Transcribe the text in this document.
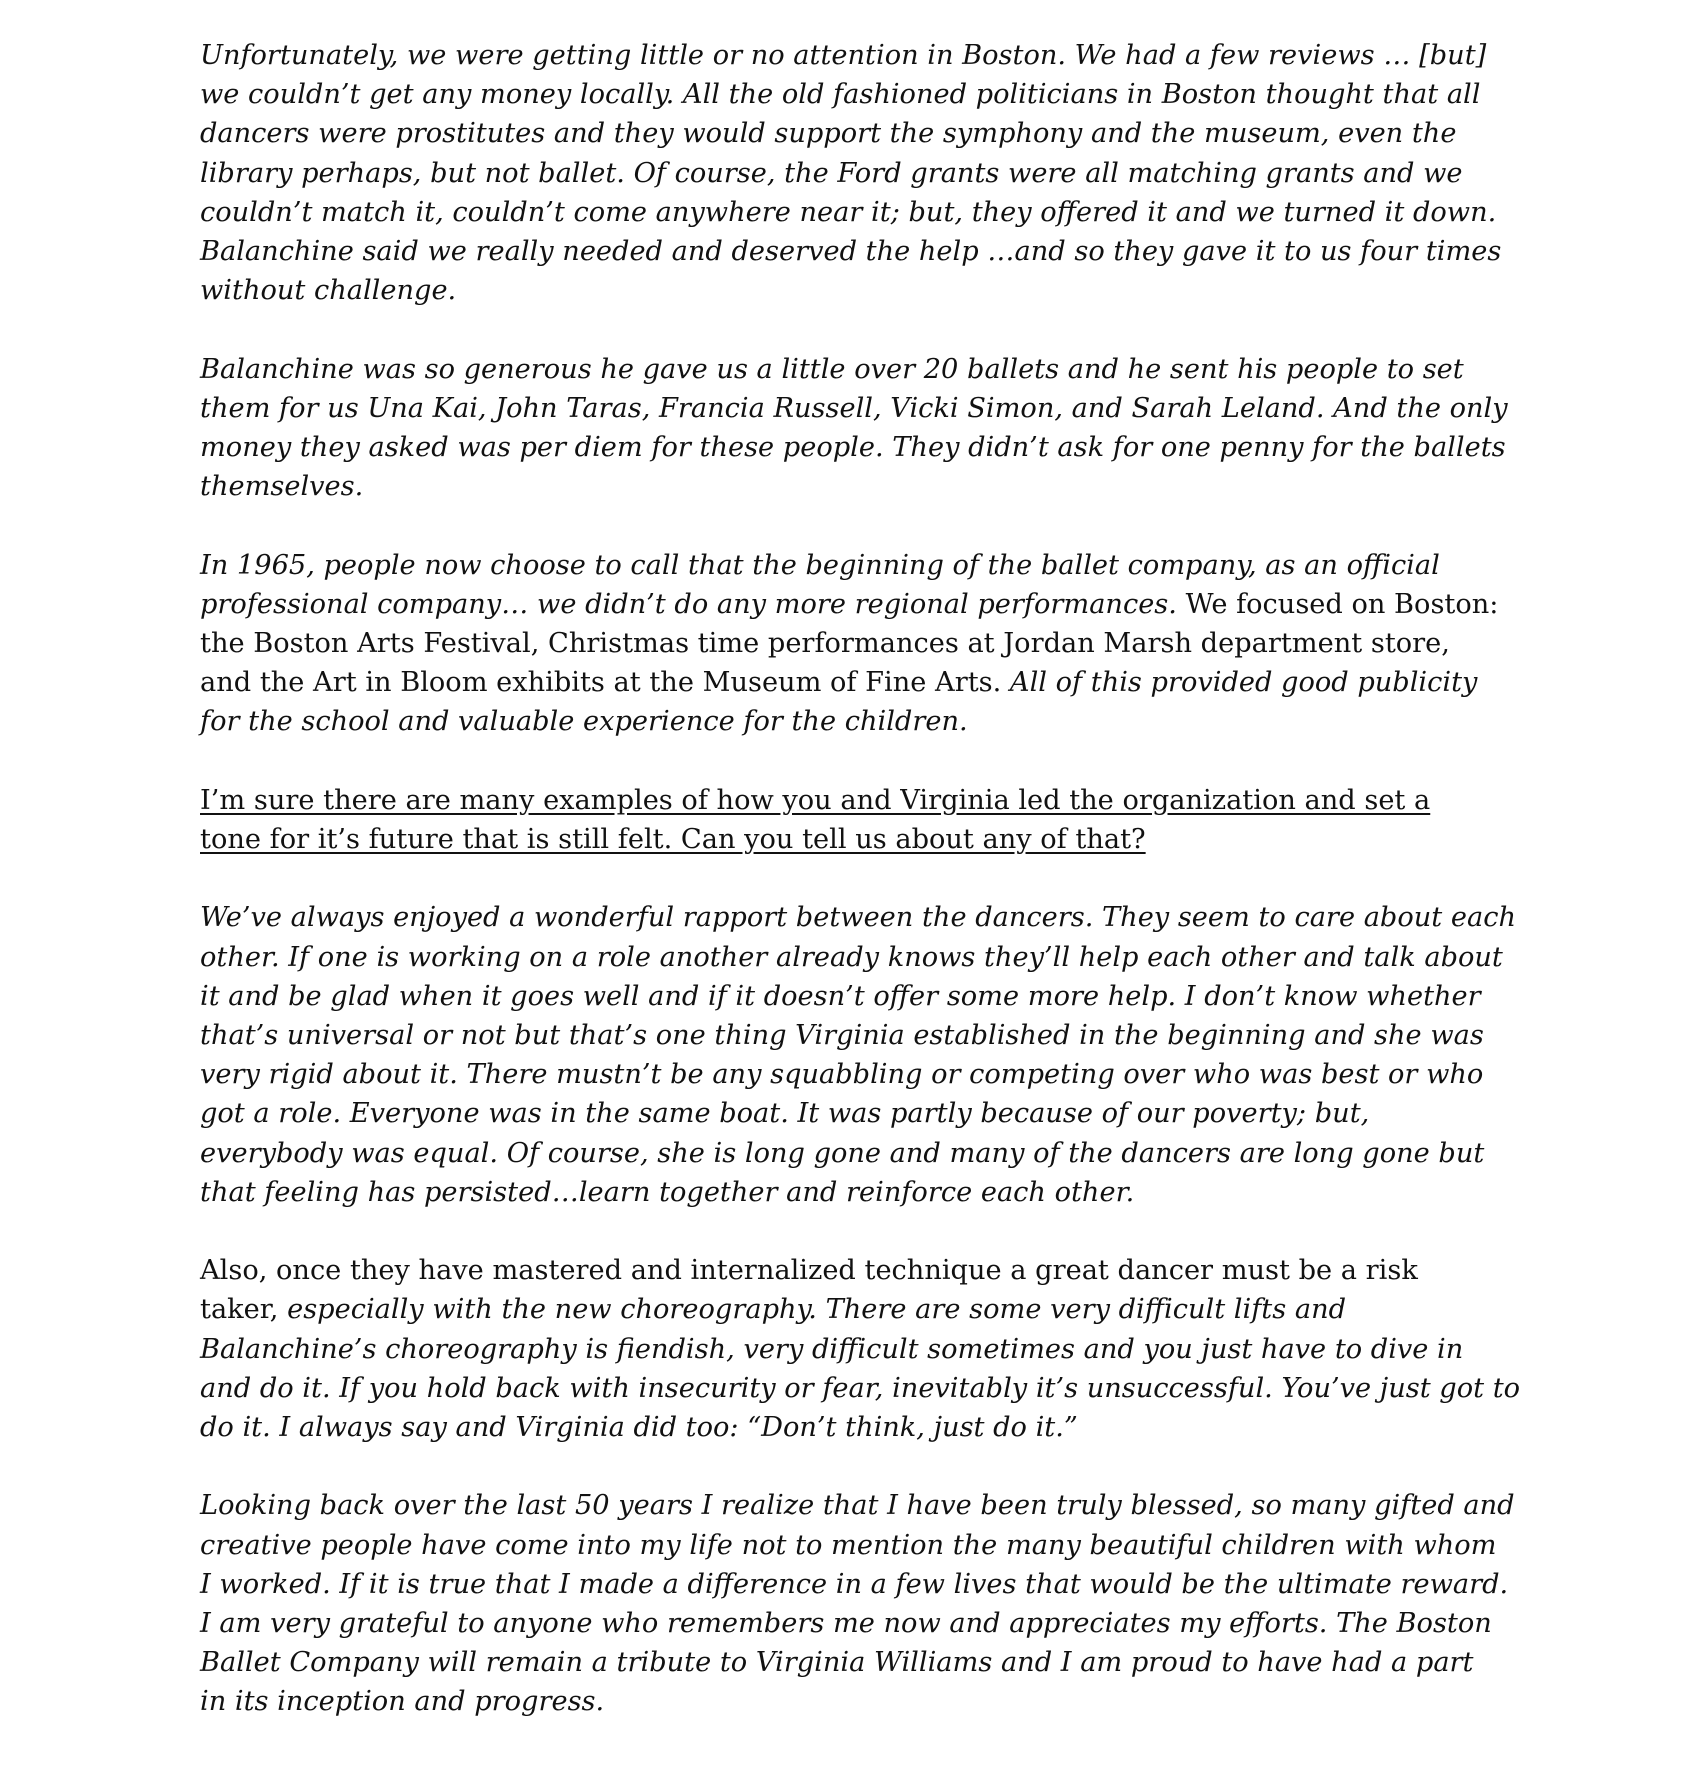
Unfortunately, we were getting little or no attention in Boston. We had a few reviews … [but]
we couldn’t get any money locally. All the old fashioned politicians in Boston thought that all
dancers were prostitutes and they would support the symphony and the museum, even the
library perhaps, but not ballet. Of course, the Ford grants were all matching grants and we
couldn’t match it, couldn’t come anywhere near it; but, they offered it and we turned it down.
Balanchine said we really needed and deserved the help …and so they gave it to us four times
without challenge.

Balanchine was so generous he gave us a little over 20 ballets and he sent his people to set
them for us Una Kai, John Taras, Francia Russell, Vicki Simon, and Sarah Leland. And the only
money they asked was per diem for these people. They didn’t ask for one penny for the ballets
themselves.

In 1965, people now choose to call that the beginning of the ballet company, as an official
professional company… we didn’t do any more regional performances. We focused on Boston:
the Boston Arts Festival, Christmas time performances at Jordan Marsh department store,
and the Art in Bloom exhibits at the Museum of Fine Arts. All of this provided good publicity
for the school and valuable experience for the children.

I’m sure there are many examples of how you and Virginia led the organization and set a
tone for it’s future that is still felt. Can you tell us about any of that?

We’ve always enjoyed a wonderful rapport between the dancers. They seem to care about each
other. If one is working on a role another already knows they’ll help each other and talk about
it and be glad when it goes well and if it doesn’t offer some more help. I don’t know whether
that’s universal or not but that’s one thing Virginia established in the beginning and she was
very rigid about it. There mustn’t be any squabbling or competing over who was best or who
got a role. Everyone was in the same boat. It was partly because of our poverty; but,
everybody was equal. Of course, she is long gone and many of the dancers are long gone but
that feeling has persisted…learn together and reinforce each other.

Also, once they have mastered and internalized technique a great dancer must be a risk
taker, especially with the new choreography. There are some very difficult lifts and
Balanchine’s choreography is fiendish, very difficult sometimes and you just have to dive in
and do it. If you hold back with insecurity or fear, inevitably it’s unsuccessful. You’ve just got to
do it. I always say and Virginia did too: “Don’t think, just do it.”

Looking back over the last 50 years I realize that I have been truly blessed, so many gifted and
creative people have come into my life not to mention the many beautiful children with whom
I worked. If it is true that I made a difference in a few lives that would be the ultimate reward.
I am very grateful to anyone who remembers me now and appreciates my efforts. The Boston
Ballet Company will remain a tribute to Virginia Williams and I am proud to have had a part
in its inception and progress.
